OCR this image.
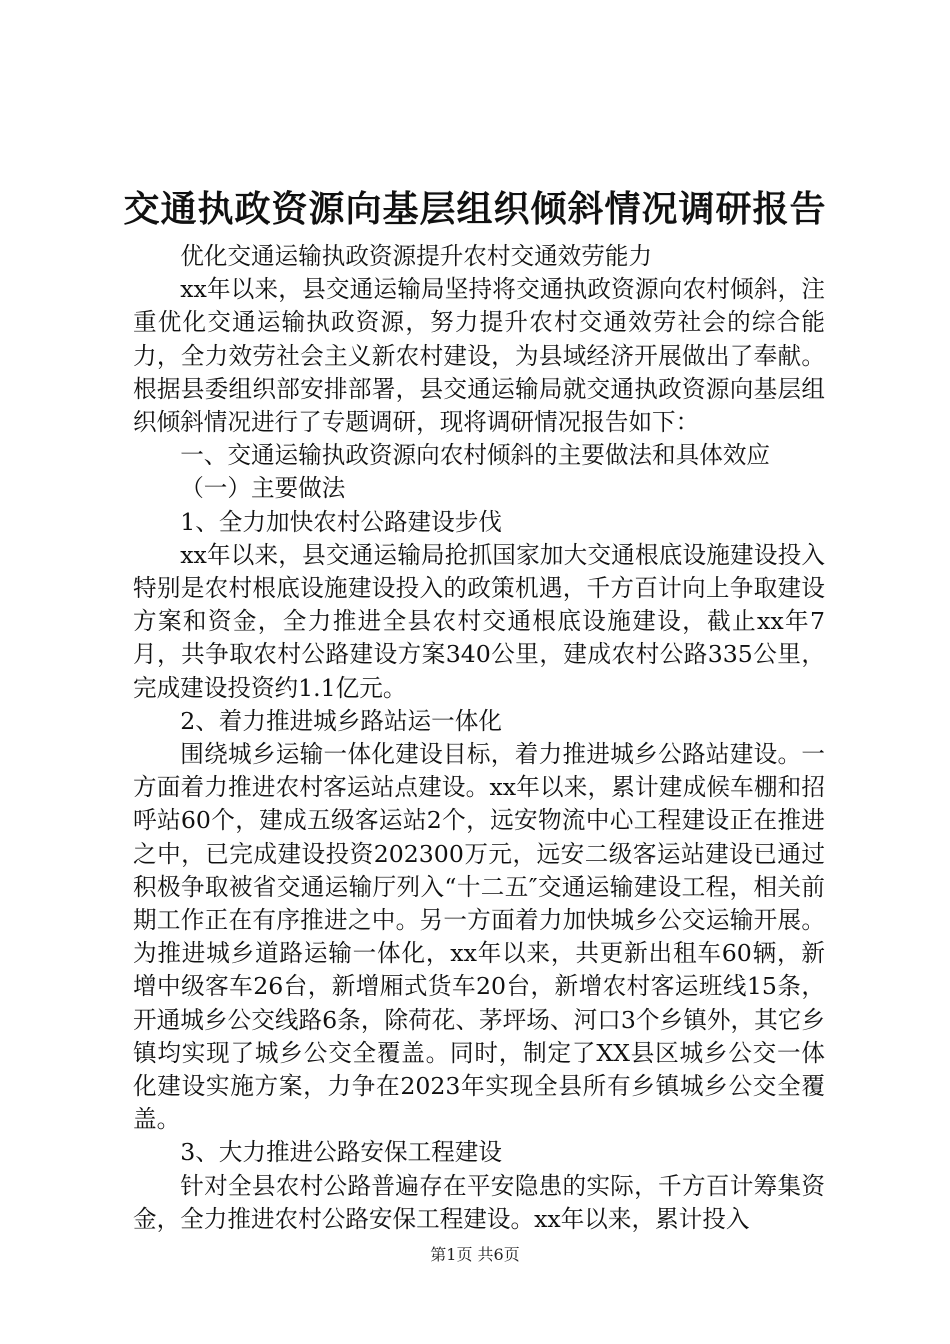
交通执政资源向基层组织倾斜情况调研报告

优化交通运输执政资源提升农村交通效劳能力

xx年以来，县交通运输局坚持将交通执政资源向农村倾斜，注重优化交通运输执政资源，努力提升农村交通效劳社会的综合能力，全力效劳社会主义新农村建设，为县域经济开展做出了奉献。根据县委组织部安排部署，县交通运输局就交通执政资源向基层组织倾斜情况进行了专题调研，现将调研情况报告如下：

一、交通运输执政资源向农村倾斜的主要做法和具体效应

（一）主要做法

1、全力加快农村公路建设步伐

xx年以来，县交通运输局抢抓国家加大交通根底设施建设投入特别是农村根底设施建设投入的政策机遇，千方百计向上争取建设方案和资金，全力推进全县农村交通根底设施建设，截止xx年7月，共争取农村公路建设方案340公里，建成农村公路335公里，完成建设投资约1.1亿元。

2、着力推进城乡路站运一体化

围绕城乡运输一体化建设目标，着力推进城乡公路站建设。一方面着力推进农村客运站点建设。xx年以来，累计建成候车棚和招呼站60个，建成五级客运站2个，远安物流中心工程建设正在推进之中，已完成建设投资202300万元，远安二级客运站建设已通过积极争取被省交通运输厅列入“十二五″交通运输建设工程，相关前期工作正在有序推进之中。另一方面着力加快城乡公交运输开展。为推进城乡道路运输一体化，xx年以来，共更新出租车60辆，新增中级客车26台，新增厢式货车20台，新增农村客运班线15条，开通城乡公交线路6条，除荷花、茅坪场、河口3个乡镇外，其它乡镇均实现了城乡公交全覆盖。同时，制定了XX县区城乡公交一体化建设实施方案，力争在2023年实现全县所有乡镇城乡公交全覆盖。

3、大力推进公路安保工程建设

针对全县农村公路普遍存在平安隐患的实际，千方百计筹集资金，全力推进农村公路安保工程建设。xx年以来，累计投入

第1页 共6页
